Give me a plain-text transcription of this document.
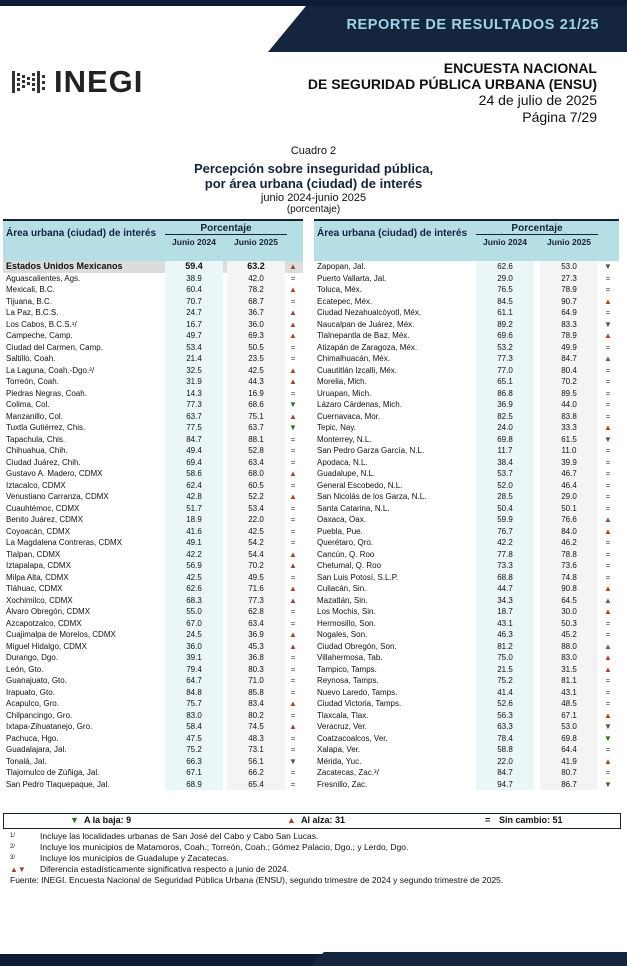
REPORTE DE RESULTADOS 21/25
INEGI	ENCUESTA NACIONAL
DE SEGURIDAD PÚBLICA URBANA (ENSU)
24 de julio de 2025
Página 7/29
Cuadro 2
Percepción sobre inseguridad pública,
por área urbana (ciudad) de interés
junio 2024-junio 2025
(porcentaje)
Área urbana (ciudad) de interés	Porcentaje
Junio 2024	Junio 2025
Estados Unidos Mexicanos	59.4	63.2	▲
Aguascalientes, Ags.	38.9	42.0	=
Mexicali, B.C.	60.4	78.2	▲
Tijuana, B.C.	70.7	68.7	=
La Paz, B.C.S.	24.7	36.7	▲
Los Cabos, B.C.S.¹/	16.7	36.0	▲
Campeche, Camp.	49.7	69.3	▲
Ciudad del Carmen, Camp.	53.4	50.5	=
Saltillo, Coah.	21.4	23.5	=
La Laguna, Coah.-Dgo.²/	32.5	42.5	▲
Torreón, Coah.	31.9	44.3	▲
Piedras Negras, Coah.	14.3	16.9	=
Colima, Col.	77.3	68.6	▼
Manzanillo, Col.	63.7	75.1	▲
Tuxtla Gutiérrez, Chis.	77.5	63.7	▼
Tapachula, Chis.	84.7	88.1	=
Chihuahua, Chih.	49.4	52.8	=
Ciudad Juárez, Chih.	69.4	63.4	=
Gustavo A. Madero, CDMX	58.6	68.0	▲
Iztacalco, CDMX	62.4	60.5	=
Venustiano Carranza, CDMX	42.8	52.2	▲
Cuauhtémoc, CDMX	51.7	53.4	=
Benito Juárez, CDMX	18.9	22.0	=
Coyoacán, CDMX	41.6	42.5	=
La Magdalena Contreras, CDMX	49.1	54.2	=
Tlalpan, CDMX	42.2	54.4	▲
Iztapalapa, CDMX	56.9	70.2	▲
Milpa Alta, CDMX	42.5	49.5	=
Tláhuac, CDMX	62.6	71.6	▲
Xochimilco, CDMX	68.3	77.3	▲
Álvaro Obregón, CDMX	55.0	62.8	=
Azcapotzalco, CDMX	67.0	63.4	=
Cuajimalpa de Morelos, CDMX	24.5	36.9	▲
Miguel Hidalgo, CDMX	36.0	45.3	▲
Durango, Dgo.	39.1	36.8	=
León, Gto.	79.4	80.3	=
Guanajuato, Gto.	64.7	71.0	=
Irapuato, Gto.	84.8	85.8	=
Acapulco, Gro.	75.7	83.4	▲
Chilpancingo, Gro.	83.0	80.2	=
Ixtapa-Zihuatanejo, Gro.	58.4	74.5	▲
Pachuca, Hgo.	47.5	48.3	=
Guadalajara, Jal.	75.2	73.1	=
Tonalá, Jal.	66.3	56.1	▼
Tlajomulco de Zúñiga, Jal.	67.1	66.2	=
San Pedro Tlaquepaque, Jal.	68.9	65.4	=
Área urbana (ciudad) de interés	Porcentaje
Junio 2024	Junio 2025
Zapopan, Jal.	62.6	53.0	▼
Puerto Vallarta, Jal.	29.0	27.3	=
Toluca, Méx.	76.5	78.9	=
Ecatepec, Méx.	84.5	90.7	▲
Ciudad Nezahualcóyotl, Méx.	61.1	64.9	=
Naucalpan de Juárez, Méx.	89.2	83.3	▼
Tlalnepantla de Baz, Méx.	69.6	78.9	▲
Atizapán de Zaragoza, Méx.	53.2	49.9	=
Chimalhuacán, Méx.	77.3	84.7	▲
Cuautitlán Izcalli, Méx.	77.0	80.4	=
Morelia, Mich.	65.1	70.2	=
Uruapan, Mich.	86.8	89.5	=
Lázaro Cárdenas, Mich.	36.9	44.0	=
Cuernavaca, Mor.	82.5	83.8	=
Tepic, Nay.	24.0	33.3	▲
Monterrey, N.L.	69.8	61.5	▼
San Pedro Garza García, N.L.	11.7	11.0	=
Apodaca, N.L.	38.4	39.9	=
Guadalupe, N.L.	53.7	46.7	=
General Escobedo, N.L.	52.0	46.4	=
San Nicolás de los Garza, N.L.	28.5	29.0	=
Santa Catarina, N.L.	50.4	50.1	=
Oaxaca, Oax.	59.9	76.6	▲
Puebla, Pue.	76.7	84.0	▲
Querétaro, Qro.	42.2	46.2	=
Cancún, Q. Roo	77.8	78.8	=
Chetumal, Q. Roo	73.3	73.6	=
San Luis Potosí, S.L.P.	68.8	74.8	=
Culiacán, Sin.	44.7	90.8	▲
Mazatlán, Sin.	34.3	64.5	▲
Los Mochis, Sin.	18.7	30.0	▲
Hermosillo, Son.	43.1	50.3	=
Nogales, Son.	46.3	45.2	=
Ciudad Obregón, Son.	81.2	88.0	▲
Villahermosa, Tab.	75.0	83.0	▲
Tampico, Tamps.	21.5	31.5	▲
Reynosa, Tamps.	75.2	81.1	=
Nuevo Laredo, Tamps.	41.4	43.1	=
Ciudad Victoria, Tamps.	52.6	48.5	=
Tlaxcala, Tlax.	56.3	67.1	▲
Veracruz, Ver.	63.3	53.0	▼
Coatzacoalcos, Ver.	78.4	69.8	▼
Xalapa, Ver.	58.8	64.4	=
Mérida, Yuc.	22.0	41.9	▲
Zacatecas, Zac.³/	84.7	80.7	=
Fresnillo, Zac.	94.7	86.7	▼
▼ A la baja: 9	▲ Al alza: 31	= Sin cambio: 51
1/	Incluye las localidades urbanas de San José del Cabo y Cabo San Lucas.
2/	Incluye los municipios de Matamoros, Coah.; Torreón, Coah.; Gómez Palacio, Dgo.; y Lerdo, Dgo.
3/	Incluye los municipios de Guadalupe y Zacatecas.
▲▼ Diferencia estadísticamente significativa respecto a junio de 2024.
Fuente: INEGI. Encuesta Nacional de Seguridad Pública Urbana (ENSU), segundo trimestre de 2024 y segundo trimestre de 2025.
